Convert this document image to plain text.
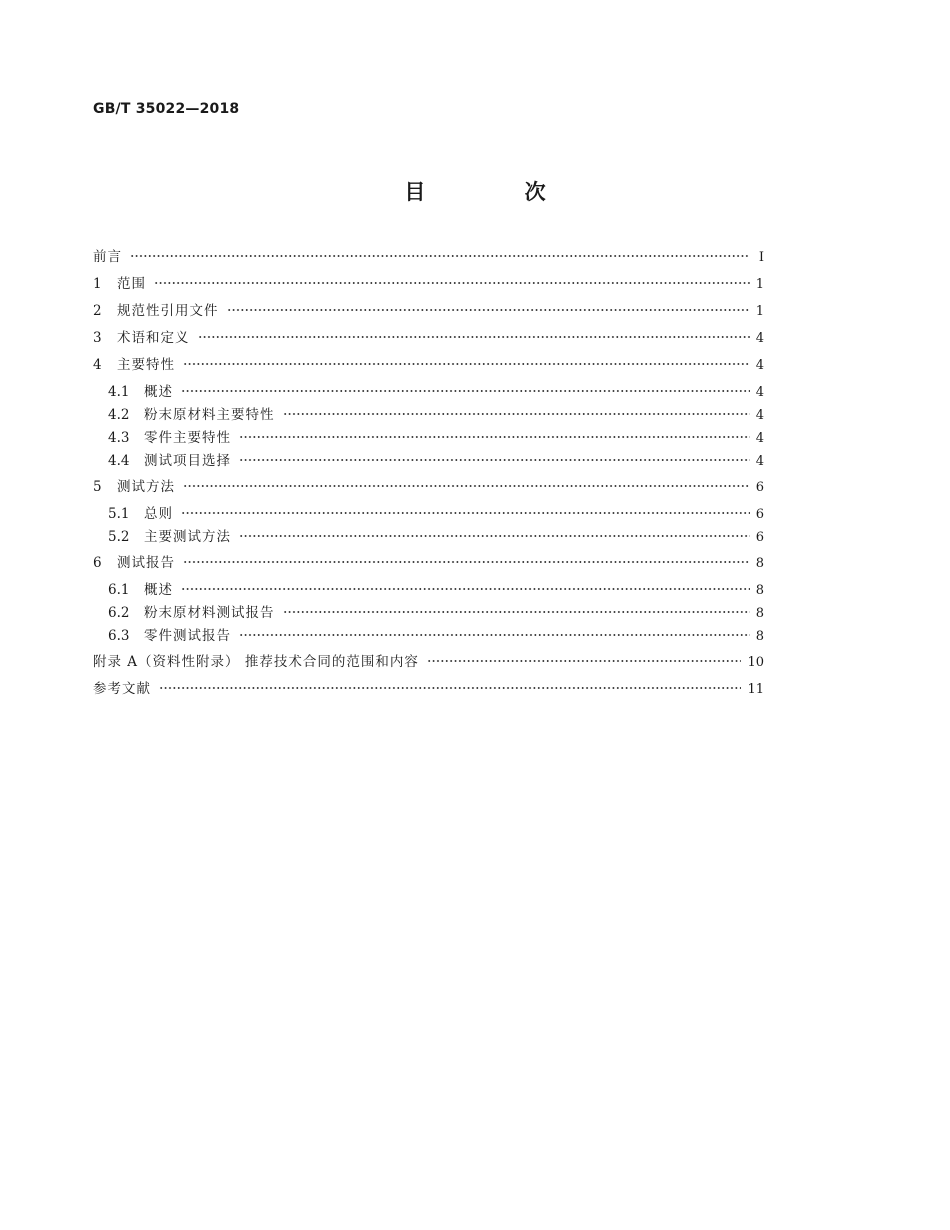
GB/T 35022—2018
目 次
前言	Ⅰ
1	范围	1
2	规范性引用文件	1
3	术语和定义	4
4	主要特性	4
4.1	概述	4
4.2	粉末原材料主要特性	4
4.3	零件主要特性	4
4.4	测试项目选择	4
5	测试方法	6
5.1	总则	6
5.2	主要测试方法	6
6	测试报告	8
6.1	概述	8
6.2	粉末原材料测试报告	8
6.3	零件测试报告	8
附录 A（资料性附录） 推荐技术合同的范围和内容	10
参考文献	11
